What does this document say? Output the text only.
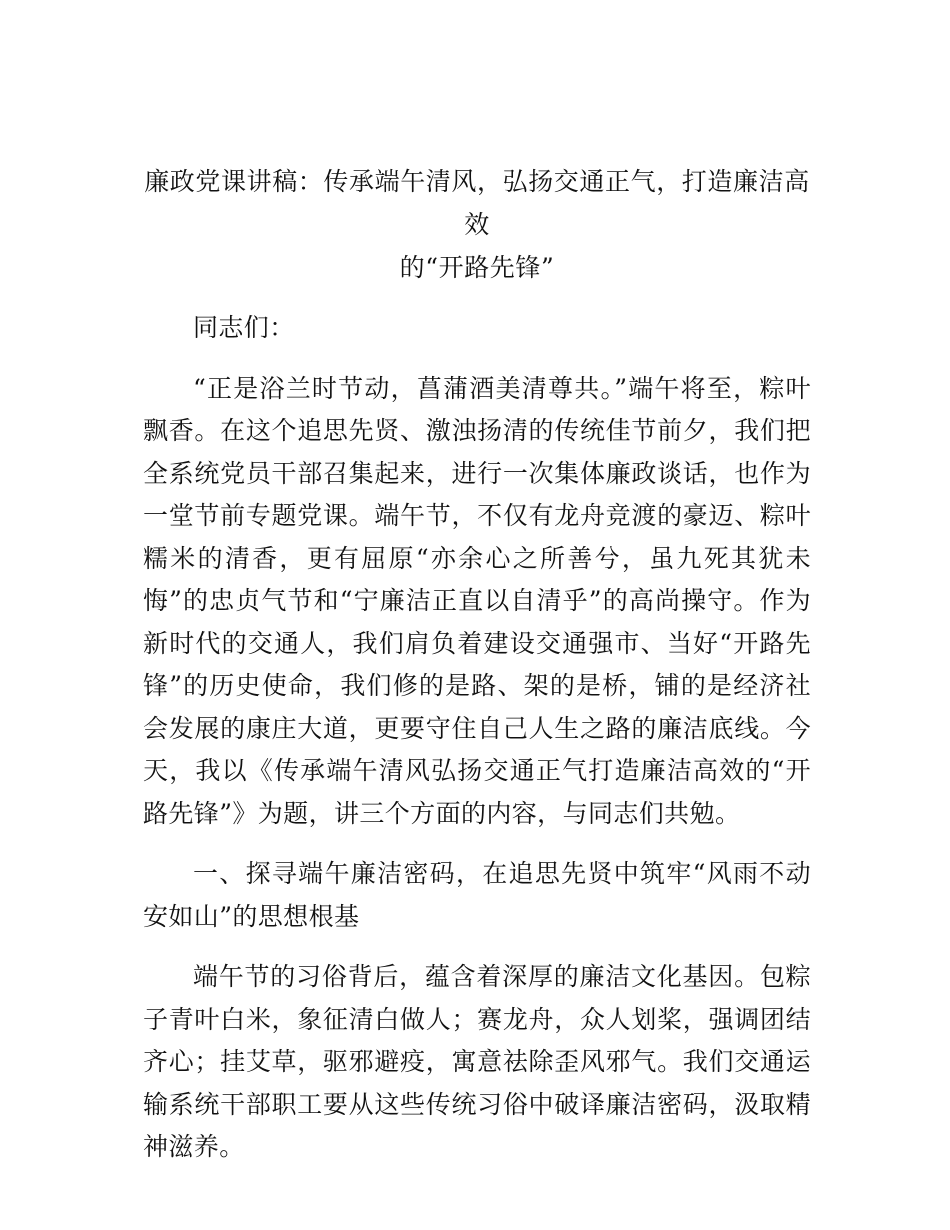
廉政党课讲稿：传承端午清风，弘扬交通正气，打造廉洁高效
的“开路先锋”

同志们：

“正是浴兰时节动，菖蒲酒美清尊共。”端午将至，粽叶飘香。在这个追思先贤、激浊扬清的传统佳节前夕，我们把全系统党员干部召集起来，进行一次集体廉政谈话，也作为一堂节前专题党课。端午节，不仅有龙舟竞渡的豪迈、粽叶糯米的清香，更有屈原“亦余心之所善兮，虽九死其犹未悔”的忠贞气节和“宁廉洁正直以自清乎”的高尚操守。作为新时代的交通人，我们肩负着建设交通强市、当好“开路先锋”的历史使命，我们修的是路、架的是桥，铺的是经济社会发展的康庄大道，更要守住自己人生之路的廉洁底线。今天，我以《传承端午清风弘扬交通正气打造廉洁高效的“开路先锋”》为题，讲三个方面的内容，与同志们共勉。

一、探寻端午廉洁密码，在追思先贤中筑牢“风雨不动安如山”的思想根基

端午节的习俗背后，蕴含着深厚的廉洁文化基因。包粽子青叶白米，象征清白做人；赛龙舟，众人划桨，强调团结齐心；挂艾草，驱邪避疫，寓意祛除歪风邪气。我们交通运输系统干部职工要从这些传统习俗中破译廉洁密码，汲取精神滋养。
